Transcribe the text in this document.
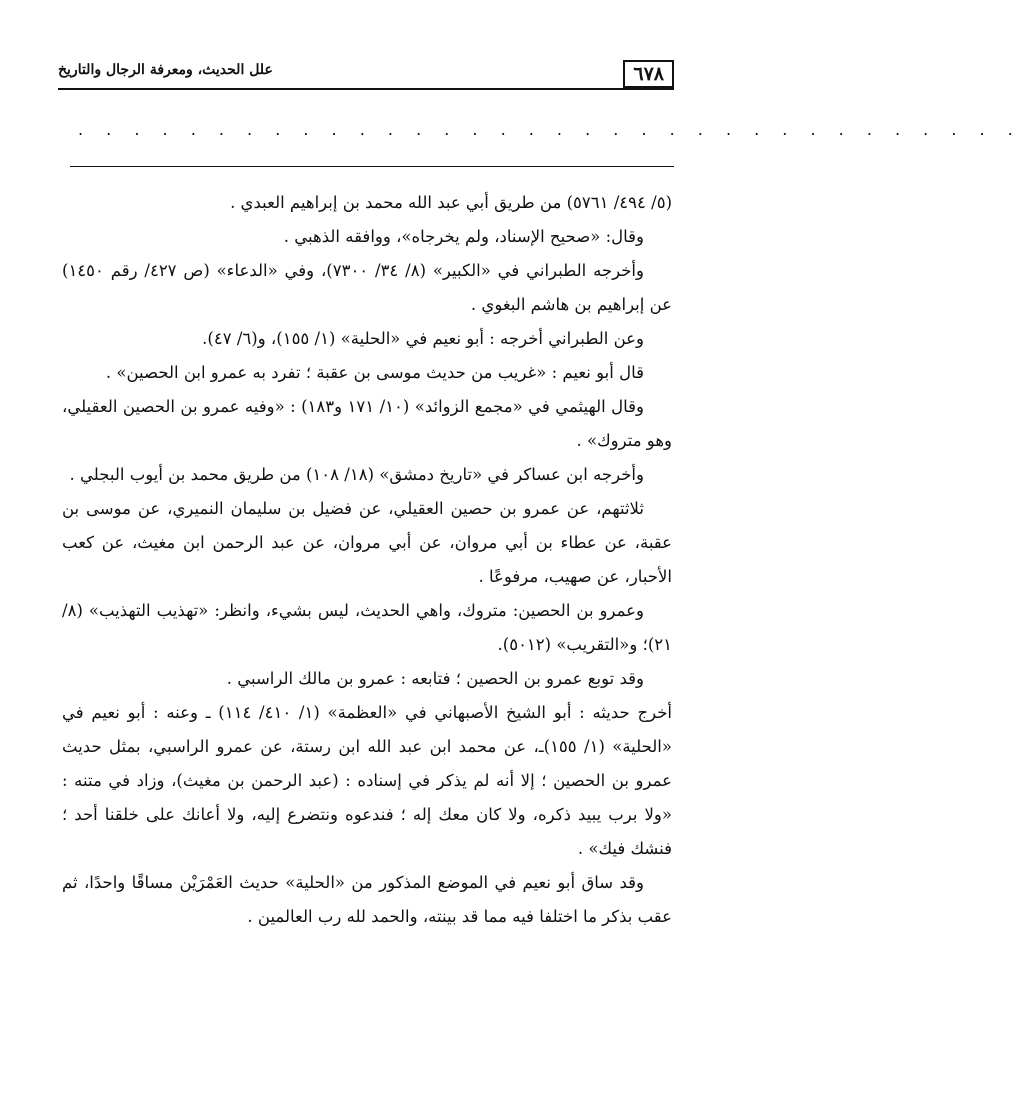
٦٧٨
علل الحديث، ومعرفة الرجال والتاريخ
. . . . . . . . . . . . . . . . . . . . . . . . . . . . . . . . . .

(٥/ ٤٩٤/ ٥٧٦١) من طريق أبي عبد الله محمد بن إبراهيم العبدي .

وقال: «صحيح الإسناد، ولم يخرجاه»، ووافقه الذهبي .

وأخرجه الطبراني في «الكبير» (٨/ ٣٤/ ٧٣٠٠)، وفي «الدعاء» (ص ٤٢٧/ رقم ١٤٥٠) عن إبراهيم بن هاشم البغوي .

وعن الطبراني أخرجه : أبو نعيم في «الحلية» (١/ ١٥٥)، و(٦/ ٤٧).

قال أبو نعيم : «غريب من حديث موسى بن عقبة ؛ تفرد به عمرو ابن الحصين» .

وقال الهيثمي في «مجمع الزوائد» (١٠/ ١٧١ و١٨٣) : «وفيه عمرو بن الحصين العقيلي، وهو متروك» .

وأخرجه ابن عساكر في «تاريخ دمشق» (١٨/ ١٠٨) من طريق محمد بن أيوب البجلي .

ثلاثتهم، عن عمرو بن حصين العقيلي، عن فضيل بن سليمان النميري، عن موسى بن عقبة، عن عطاء بن أبي مروان، عن أبي مروان، عن عبد الرحمن ابن مغيث، عن كعب الأحبار، عن صهيب، مرفوعًا .

وعمرو بن الحصين: متروك، واهي الحديث، ليس بشيء، وانظر: «تهذيب التهذيب» (٨/ ٢١)؛ و«التقريب» (٥٠١٢).

وقد توبع عمرو بن الحصين ؛ فتابعه : عمرو بن مالك الراسبي .

أخرج حديثه : أبو الشيخ الأصبهاني في «العظمة» (١/ ٤١٠/ ١١٤) ـ وعنه : أبو نعيم في «الحلية» (١/ ١٥٥)ـ، عن محمد ابن عبد الله ابن رستة، عن عمرو الراسبي، بمثل حديث عمرو بن الحصين ؛ إلا أنه لم يذكر في إسناده : (عبد الرحمن بن مغيث)، وزاد في متنه : «ولا برب يبيد ذكره، ولا كان معك إله ؛ فندعوه ونتضرع إليه، ولا أعانك على خلقنا أحد ؛ فنشك فيك» .

وقد ساق أبو نعيم في الموضع المذكور من «الحلية» حديث العَمْرَيْن مساقًا واحدًا، ثم عقب بذكر ما اختلفا فيه مما قد بينته، والحمد لله رب العالمين .
